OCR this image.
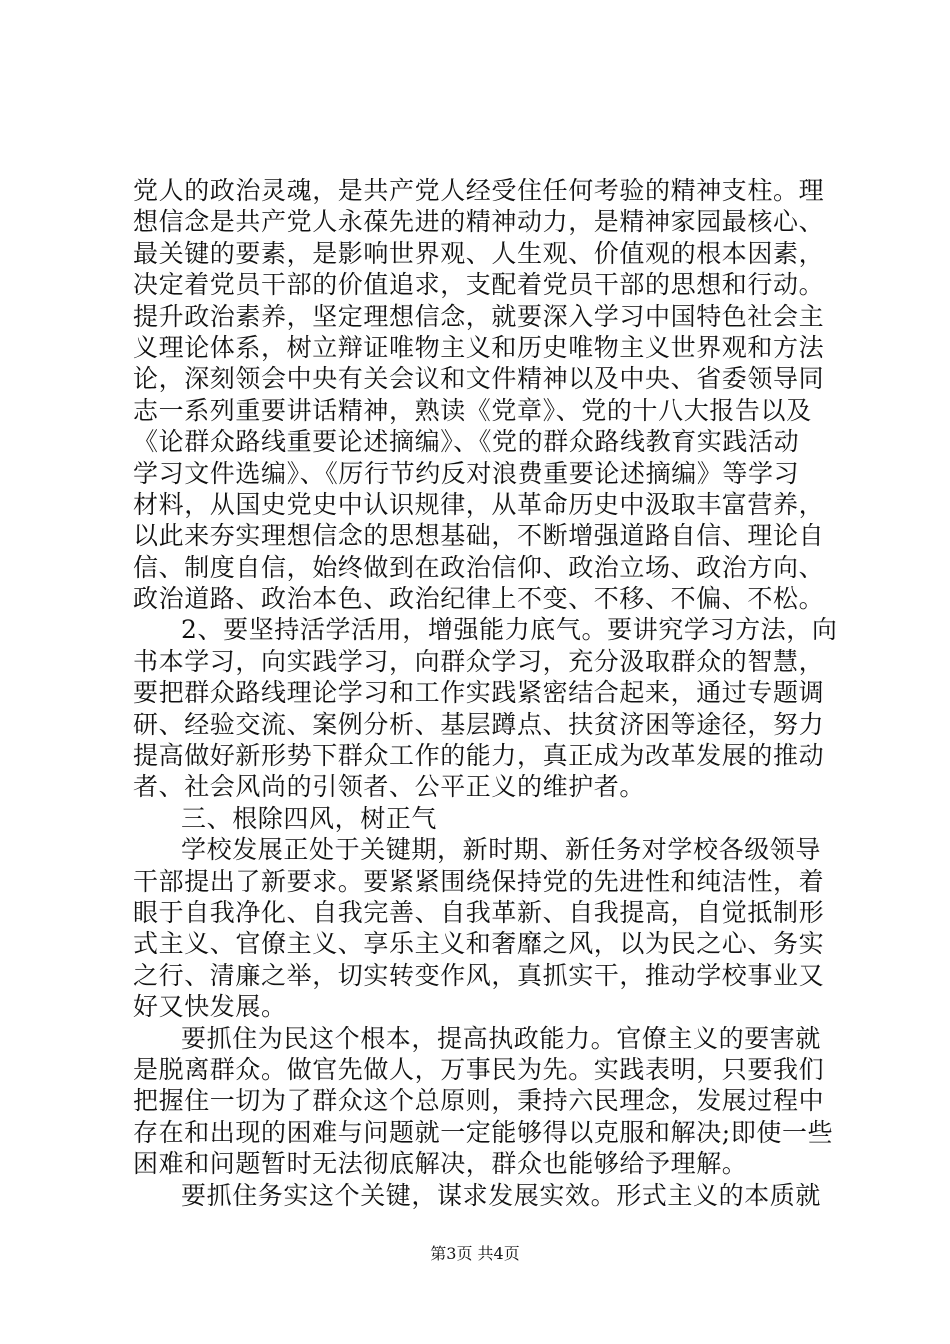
党人的政治灵魂，是共产党人经受住任何考验的精神支柱。理
想信念是共产党人永葆先进的精神动力，是精神家园最核心、
最关键的要素，是影响世界观、人生观、价值观的根本因素，
决定着党员干部的价值追求，支配着党员干部的思想和行动。
提升政治素养，坚定理想信念，就要深入学习中国特色社会主
义理论体系，树立辩证唯物主义和历史唯物主义世界观和方法
论，深刻领会中央有关会议和文件精神以及中央、省委领导同
志一系列重要讲话精神，熟读《党章》、党的十八大报告以及
《论群众路线重要论述摘编》、《党的群众路线教育实践活动
学习文件选编》、《厉行节约反对浪费重要论述摘编》等学习
材料，从国史党史中认识规律，从革命历史中汲取丰富营养，
以此来夯实理想信念的思想基础，不断增强道路自信、理论自
信、制度自信，始终做到在政治信仰、政治立场、政治方向、
政治道路、政治本色、政治纪律上不变、不移、不偏、不松。
2、要坚持活学活用，增强能力底气。要讲究学习方法，向
书本学习，向实践学习，向群众学习，充分汲取群众的智慧，
要把群众路线理论学习和工作实践紧密结合起来，通过专题调
研、经验交流、案例分析、基层蹲点、扶贫济困等途径，努力
提高做好新形势下群众工作的能力，真正成为改革发展的推动
者、社会风尚的引领者、公平正义的维护者。
三、根除四风，树正气
学校发展正处于关键期，新时期、新任务对学校各级领导
干部提出了新要求。要紧紧围绕保持党的先进性和纯洁性，着
眼于自我净化、自我完善、自我革新、自我提高，自觉抵制形
式主义、官僚主义、享乐主义和奢靡之风，以为民之心、务实
之行、清廉之举，切实转变作风，真抓实干，推动学校事业又
好又快发展。
要抓住为民这个根本，提高执政能力。官僚主义的要害就
是脱离群众。做官先做人，万事民为先。实践表明，只要我们
把握住一切为了群众这个总原则，秉持六民理念，发展过程中
存在和出现的困难与问题就一定能够得以克服和解决;即使一些
困难和问题暂时无法彻底解决，群众也能够给予理解。
要抓住务实这个关键，谋求发展实效。形式主义的本质就
第3页 共4页
